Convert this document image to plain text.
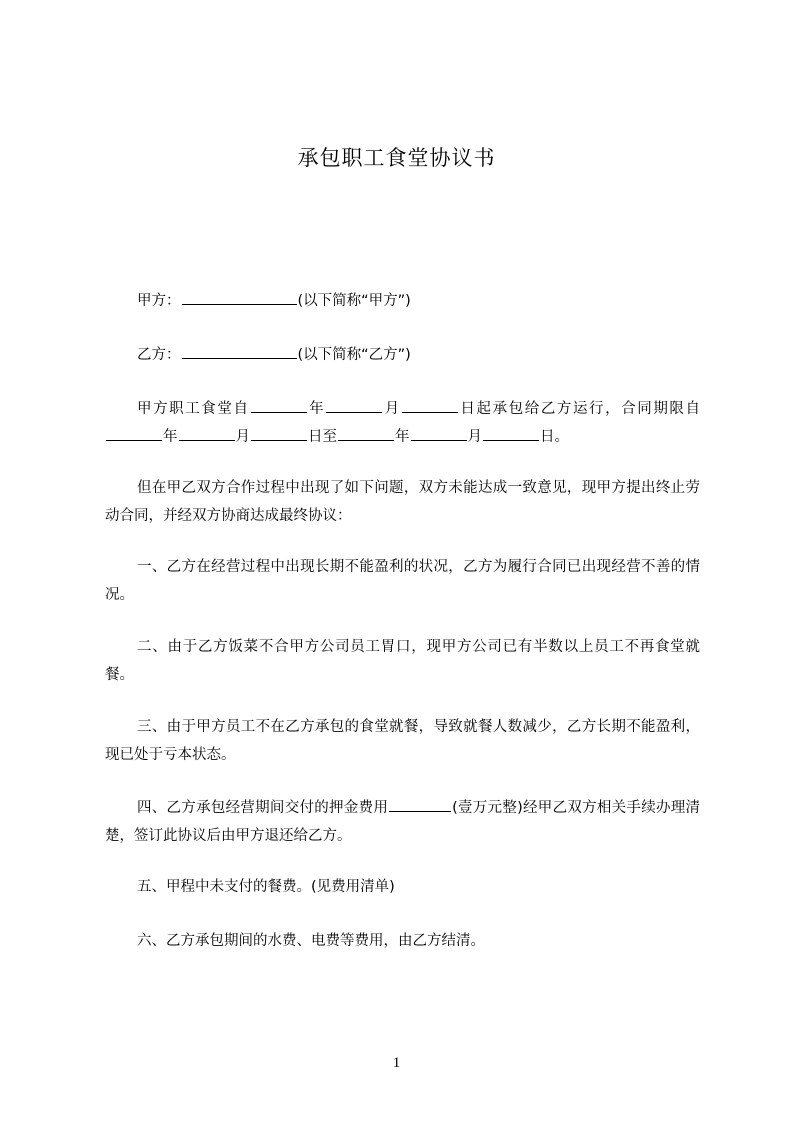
承包职工食堂协议书
甲方：	(以下简称“甲方”)
乙方：	(以下简称“乙方”)
甲方职工食堂自	年	月	日起承包给乙方运行，合同期限自年	月	日至	年	月	日。
但在甲乙双方合作过程中出现了如下问题，双方未能达成一致意见，现甲方提出终止劳动合同，并经双方协商达成最终协议：
一、乙方在经营过程中出现长期不能盈利的状况，乙方为履行合同已出现经营不善的情况。
二、由于乙方饭菜不合甲方公司员工胃口，现甲方公司已有半数以上员工不再食堂就餐。
三、由于甲方员工不在乙方承包的食堂就餐，导致就餐人数减少，乙方长期不能盈利，现已处于亏本状态。
四、乙方承包经营期间交付的押金费用	(壹万元整)经甲乙双方相关手续办理清楚，签订此协议后由甲方退还给乙方。
五、甲程中未支付的餐费。(见费用清单)
六、乙方承包期间的水费、电费等费用，由乙方结清。
1
